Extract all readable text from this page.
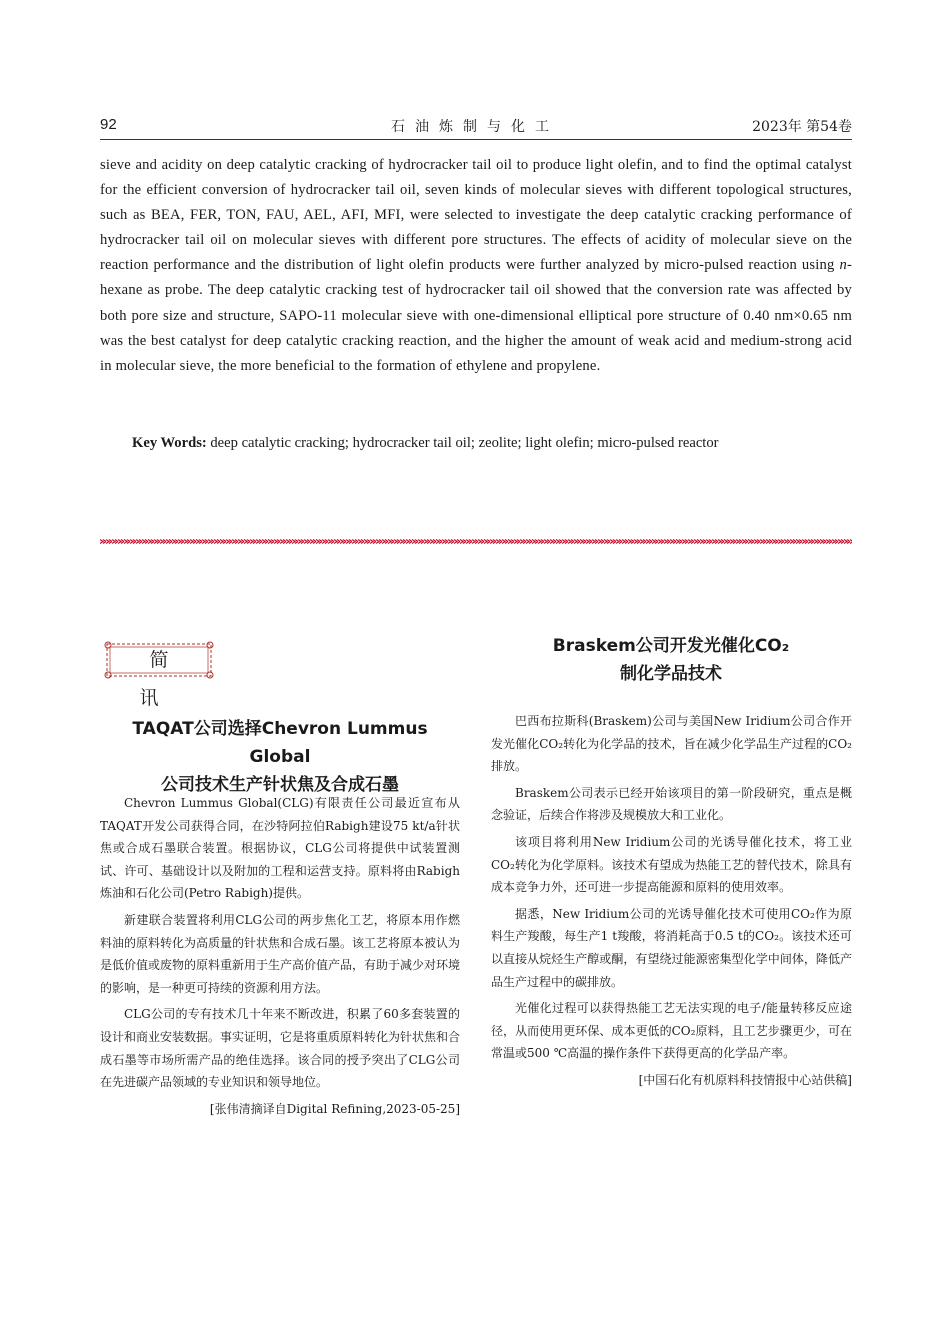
92	石油炼制与化工	2023年 第54卷

sieve and acidity on deep catalytic cracking of hydrocracker tail oil to produce light olefin, and to find the optimal catalyst for the efficient conversion of hydrocracker tail oil, seven kinds of molecular sieves with different topological structures, such as BEA, FER, TON, FAU, AEL, AFI, MFI, were selected to investigate the deep catalytic cracking performance of hydrocracker tail oil on molecular sieves with different pore structures. The effects of acidity of molecular sieve on the reaction performance and the distribution of light olefin products were further analyzed by micro-pulsed reaction using n-hexane as probe. The deep catalytic cracking test of hydrocracker tail oil showed that the conversion rate was affected by both pore size and structure, SAPO-11 molecular sieve with one-dimensional elliptical pore structure of 0.40 nm×0.65 nm was the best catalyst for deep catalytic cracking reaction, and the higher the amount of weak acid and medium-strong acid in molecular sieve, the more beneficial to the formation of ethylene and propylene.

Key Words: deep catalytic cracking; hydrocracker tail oil; zeolite; light olefin; micro-pulsed reactor
简 讯
TAQAT公司选择Chevron Lummus Global
公司技术生产针状焦及合成石墨

Chevron Lummus Global(CLG)有限责任公司最近宣布从TAQAT开发公司获得合同，在沙特阿拉伯Rabigh建设75 kt/a针状焦或合成石墨联合装置。根据协议，CLG公司将提供中试装置测试、许可、基础设计以及附加的工程和运营支持。原料将由Rabigh炼油和石化公司(Petro Rabigh)提供。

新建联合装置将利用CLG公司的两步焦化工艺，将原本用作燃料油的原料转化为高质量的针状焦和合成石墨。该工艺将原本被认为是低价值或废物的原料重新用于生产高价值产品，有助于减少对环境的影响，是一种更可持续的资源利用方法。

CLG公司的专有技术几十年来不断改进，积累了60多套装置的设计和商业安装数据。事实证明，它是将重质原料转化为针状焦和合成石墨等市场所需产品的绝佳选择。该合同的授予突出了CLG公司在先进碳产品领域的专业知识和领导地位。

[张伟清摘译自Digital Refining,2023-05-25]

Braskem公司开发光催化CO₂
制化学品技术

巴西布拉斯科(Braskem)公司与美国New Iridium公司合作开发光催化CO₂转化为化学品的技术，旨在减少化学品生产过程的CO₂排放。

Braskem公司表示已经开始该项目的第一阶段研究，重点是概念验证，后续合作将涉及规模放大和工业化。

该项目将利用New Iridium公司的光诱导催化技术，将工业CO₂转化为化学原料。该技术有望成为热能工艺的替代技术，除具有成本竞争力外，还可进一步提高能源和原料的使用效率。

据悉，New Iridium公司的光诱导催化技术可使用CO₂作为原料生产羧酸，每生产1 t羧酸，将消耗高于0.5 t的CO₂。该技术还可以直接从烷烃生产醇或酮，有望绕过能源密集型化学中间体，降低产品生产过程中的碳排放。

光催化过程可以获得热能工艺无法实现的电子/能量转移反应途径，从而使用更环保、成本更低的CO₂原料，且工艺步骤更少，可在常温或500 ℃高温的操作条件下获得更高的化学品产率。

[中国石化有机原料科技情报中心站供稿]
